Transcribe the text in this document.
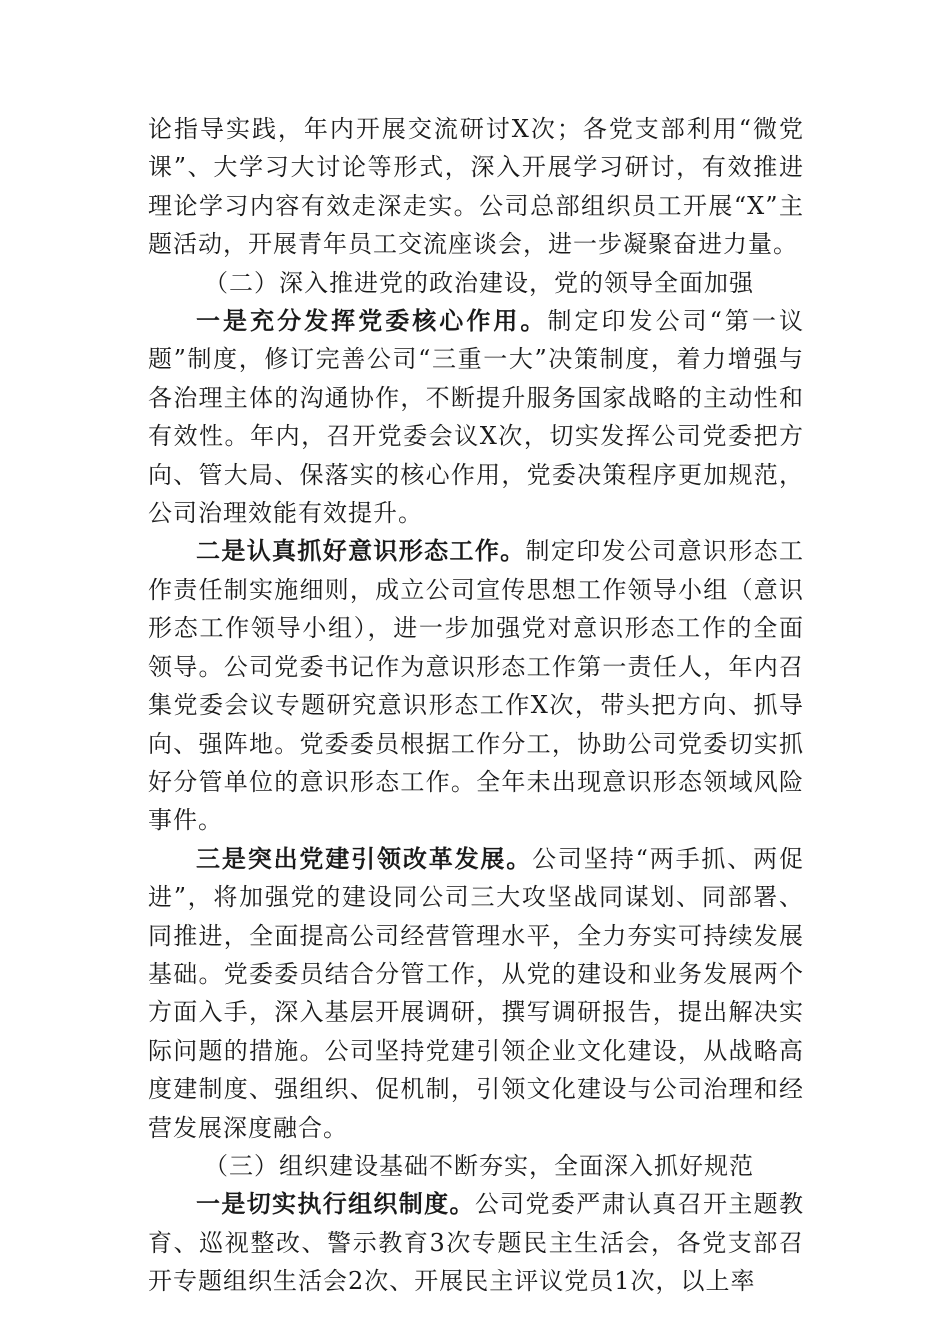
论指导实践，年内开展交流研讨X次；各党支部利用“微党课”、大学习大讨论等形式，深入开展学习研讨，有效推进理论学习内容有效走深走实。公司总部组织员工开展“X”主题活动，开展青年员工交流座谈会，进一步凝聚奋进力量。

（二）深入推进党的政治建设，党的领导全面加强

一是充分发挥党委核心作用。制定印发公司“第一议题”制度，修订完善公司“三重一大”决策制度，着力增强与各治理主体的沟通协作，不断提升服务国家战略的主动性和有效性。年内，召开党委会议X次，切实发挥公司党委把方向、管大局、保落实的核心作用，党委决策程序更加规范，公司治理效能有效提升。

二是认真抓好意识形态工作。制定印发公司意识形态工作责任制实施细则，成立公司宣传思想工作领导小组（意识形态工作领导小组），进一步加强党对意识形态工作的全面领导。公司党委书记作为意识形态工作第一责任人，年内召集党委会议专题研究意识形态工作X次，带头把方向、抓导向、强阵地。党委委员根据工作分工，协助公司党委切实抓好分管单位的意识形态工作。全年未出现意识形态领域风险事件。

三是突出党建引领改革发展。公司坚持“两手抓、两促进”，将加强党的建设同公司三大攻坚战同谋划、同部署、同推进，全面提高公司经营管理水平，全力夯实可持续发展基础。党委委员结合分管工作，从党的建设和业务发展两个方面入手，深入基层开展调研，撰写调研报告，提出解决实际问题的措施。公司坚持党建引领企业文化建设，从战略高度建制度、强组织、促机制，引领文化建设与公司治理和经营发展深度融合。

（三）组织建设基础不断夯实，全面深入抓好规范

一是切实执行组织制度。公司党委严肃认真召开主题教育、巡视整改、警示教育3次专题民主生活会，各党支部召开专题组织生活会2次、开展民主评议党员1次，以上率
